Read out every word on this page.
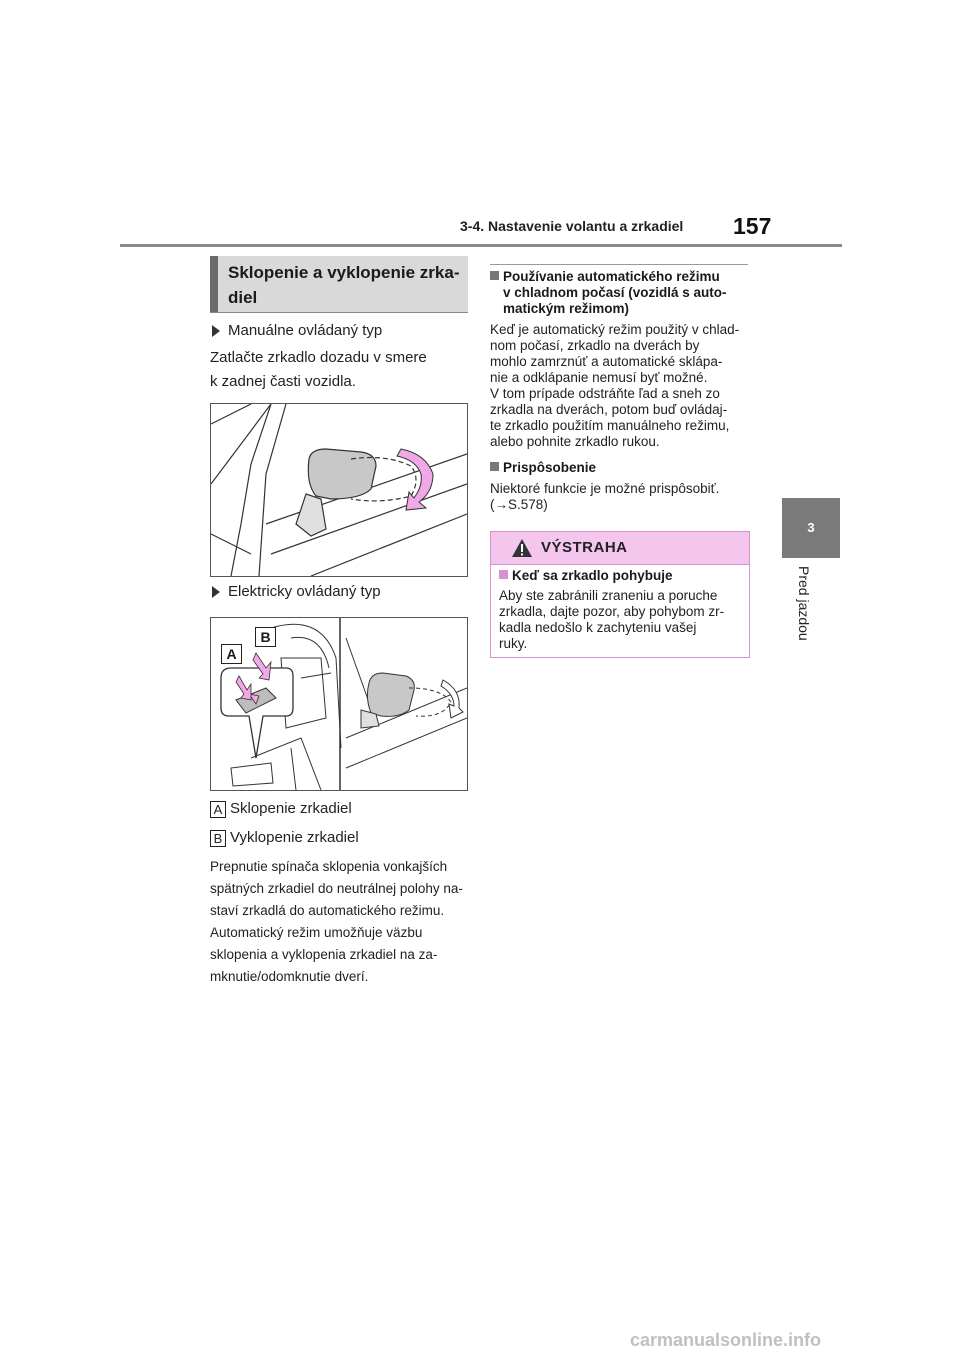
3-4. Nastavenie volantu a zrkadiel 157
3
Pred jazdou
Sklopenie a vyklopenie zrka-
diel
Manuálne ovládaný typ
Zatlačte zrkadlo dozadu v smere
k zadnej časti vozidla.
Elektricky ovládaný typ
A
B
A Sklopenie zrkadiel
B Vyklopenie zrkadiel
Prepnutie spínača sklopenia vonkajších
spätných zrkadiel do neutrálnej polohy na-
staví zrkadlá do automatického režimu.
Automatický režim umožňuje väzbu
sklopenia a vyklopenia zrkadiel na za-
mknutie/odomknutie dverí.
Používanie automatického režimu
v chladnom počasí (vozidlá s auto-
matickým režimom)
Keď je automatický režim použitý v chlad-
nom počasí, zrkadlo na dverách by
mohlo zamrznúť a automatické sklápa-
nie a odklápanie nemusí byť možné.
V tom prípade odstráňte ľad a sneh zo
zrkadla na dverách, potom buď ovládaj-
te zrkadlo použitím manuálneho režimu,
alebo pohnite zrkadlo rukou.
Prispôsobenie
Niektoré funkcie je možné prispôsobiť.
(→S.578)
VÝSTRAHA
Keď sa zrkadlo pohybuje
Aby ste zabránili zraneniu a poruche
zrkadla, dajte pozor, aby pohybom zr-
kadla nedošlo k zachyteniu vašej
ruky.
carmanualsonline.info
